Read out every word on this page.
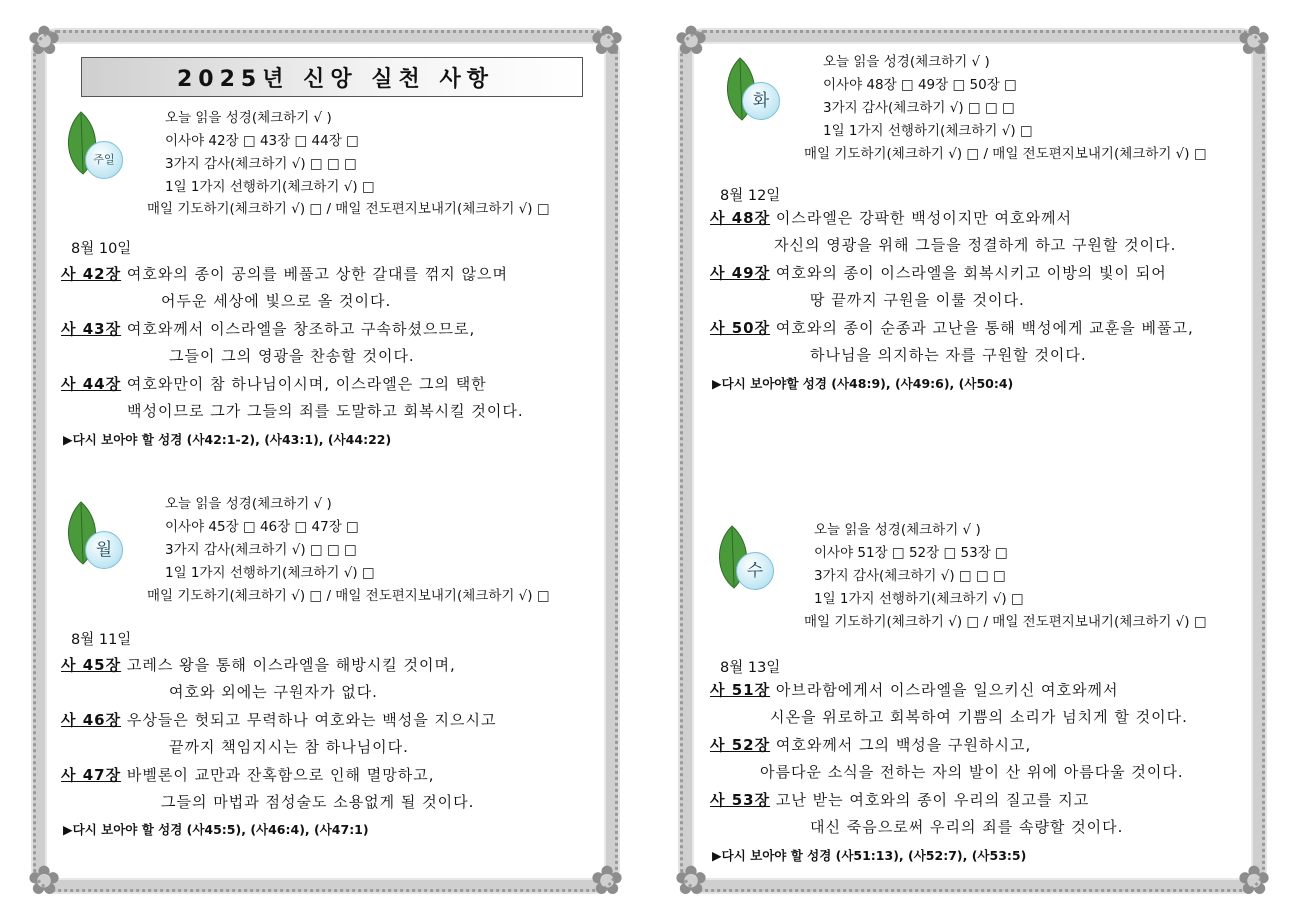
✿	✿
✿	✿
2025년 신앙 실천 사항
주일
오늘 읽을 성경(체크하기 √ )
이사야 42장 □ 43장 □ 44장 □
3가지 감사(체크하기 √) □ □ □
1일 1가지 선행하기(체크하기 √) □
매일 기도하기(체크하기 √) □ / 매일 전도편지보내기(체크하기 √) □
8월 10일
사 42장 여호와의 종이 공의를 베풀고 상한 갈대를 꺾지 않으며
어두운 세상에 빛으로 올 것이다.
사 43장 여호와께서 이스라엘을 창조하고 구속하셨으므로,
그들이 그의 영광을 찬송할 것이다.
사 44장 여호와만이 참 하나님이시며, 이스라엘은 그의 택한
백성이므로 그가 그들의 죄를 도말하고 회복시킬 것이다.
▶다시 보아야 할 성경 (사42:1-2), (사43:1), (사44:22)
월
오늘 읽을 성경(체크하기 √ )
이사야 45장 □ 46장 □ 47장 □
3가지 감사(체크하기 √) □ □ □
1일 1가지 선행하기(체크하기 √) □
매일 기도하기(체크하기 √) □ / 매일 전도편지보내기(체크하기 √) □
8월 11일
사 45장 고레스 왕을 통해 이스라엘을 해방시킬 것이며,
여호와 외에는 구원자가 없다.
사 46장 우상들은 헛되고 무력하나 여호와는 백성을 지으시고
끝까지 책임지시는 참 하나님이다.
사 47장 바벨론이 교만과 잔혹함으로 인해 멸망하고,
그들의 마법과 점성술도 소용없게 될 것이다.
▶다시 보아야 할 성경 (사45:5), (사46:4), (사47:1)
✿	✿
✿	✿
화
오늘 읽을 성경(체크하기 √ )
이사야 48장 □ 49장 □ 50장 □
3가지 감사(체크하기 √) □ □ □
1일 1가지 선행하기(체크하기 √) □
매일 기도하기(체크하기 √) □ / 매일 전도편지보내기(체크하기 √) □
8월 12일
사 48장 이스라엘은 강팍한 백성이지만 여호와께서
자신의 영광을 위해 그들을 정결하게 하고 구원할 것이다.
사 49장 여호와의 종이 이스라엘을 회복시키고 이방의 빛이 되어
땅 끝까지 구원을 이룰 것이다.
사 50장 여호와의 종이 순종과 고난을 통해 백성에게 교훈을 베풀고,
하나님을 의지하는 자를 구원할 것이다.
▶다시 보아야할 성경 (사48:9), (사49:6), (사50:4)
수
오늘 읽을 성경(체크하기 √ )
이사야 51장 □ 52장 □ 53장 □
3가지 감사(체크하기 √) □ □ □
1일 1가지 선행하기(체크하기 √) □
매일 기도하기(체크하기 √) □ / 매일 전도편지보내기(체크하기 √) □
8월 13일
사 51장 아브라함에게서 이스라엘을 일으키신 여호와께서
시온을 위로하고 회복하여 기쁨의 소리가 넘치게 할 것이다.
사 52장 여호와께서 그의 백성을 구원하시고,
아름다운 소식을 전하는 자의 발이 산 위에 아름다울 것이다.
사 53장 고난 받는 여호와의 종이 우리의 질고를 지고
대신 죽음으로써 우리의 죄를 속량할 것이다.
▶다시 보아야 할 성경 (사51:13), (사52:7), (사53:5)
